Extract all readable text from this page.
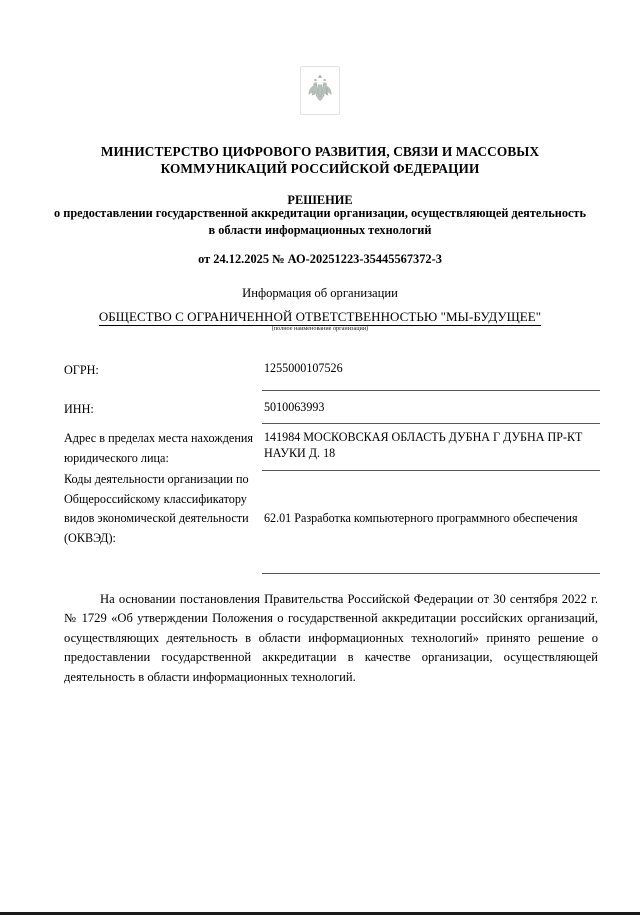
МИНИСТЕРСТВО ЦИФРОВОГО РАЗВИТИЯ, СВЯЗИ И МАССОВЫХ КОММУНИКАЦИЙ РОССИЙСКОЙ ФЕДЕРАЦИИ
РЕШЕНИЕ
о предоставлении государственной аккредитации организации, осуществляющей деятельность в области информационных технологий
от 24.12.2025 № АО-20251223-35445567372-3
Информация об организации
ОБЩЕСТВО С ОГРАНИЧЕННОЙ ОТВЕТСТВЕННОСТЬЮ "МЫ-БУДУЩЕЕ"
(полное наименование организации)
ОГРН:	1255000107526
ИНН:	5010063993
Адрес в пределах места нахождения юридического лица:
141984 МОСКОВСКАЯ ОБЛАСТЬ ДУБНА Г ДУБНА ПР-КТ НАУКИ Д. 18
Коды деятельности организации по Общероссийскому классификатору видов экономической деятельности (ОКВЭД):
62.01 Разработка компьютерного программного обеспечения
На основании постановления Правительства Российской Федерации от 30 сентября 2022 г. № 1729 «Об утверждении Положения о государственной аккредитации российских организаций, осуществляющих деятельность в области информационных технологий» принято решение о предоставлении государственной аккредитации в качестве организации, осуществляющей деятельность в области информационных технологий.
